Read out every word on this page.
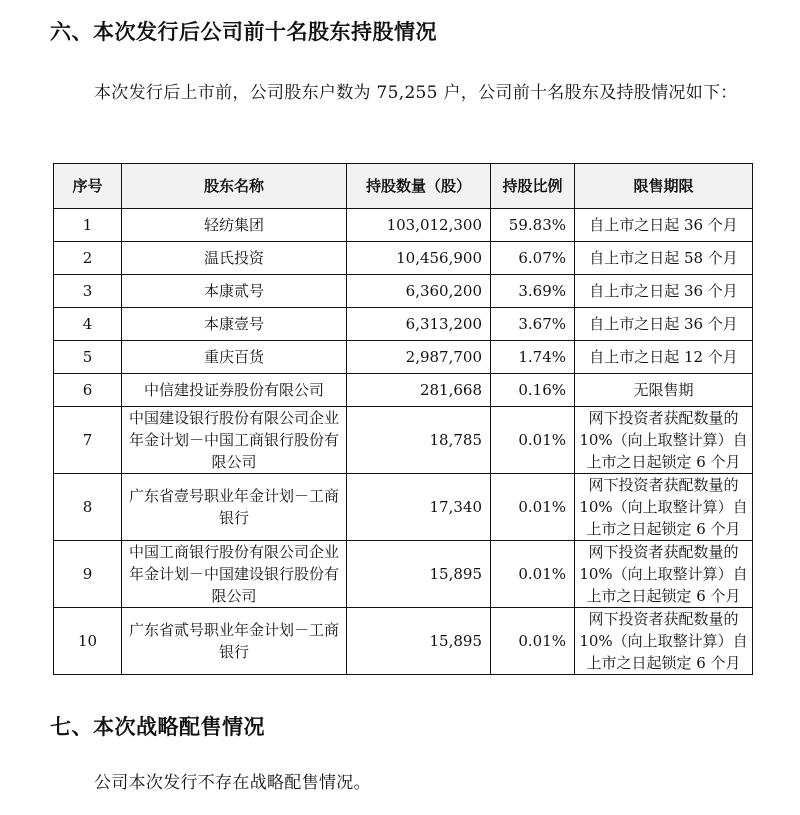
六、本次发行后公司前十名股东持股情况

本次发行后上市前，公司股东户数为 75,255 户，公司前十名股东及持股情况如下：

序号	股东名称	持股数量（股）	持股比例	限售期限
1	轻纺集团	103,012,300	59.83%	自上市之日起 36 个月
2	温氏投资	10,456,900	6.07%	自上市之日起 58 个月
3	本康贰号	6,360,200	3.69%	自上市之日起 36 个月
4	本康壹号	6,313,200	3.67%	自上市之日起 36 个月
5	重庆百货	2,987,700	1.74%	自上市之日起 12 个月
6	中信建投证券股份有限公司	281,668	0.16%	无限售期
7	中国建设银行股份有限公司企业年金计划－中国工商银行股份有限公司	18,785	0.01%	网下投资者获配数量的10%（向上取整计算）自上市之日起锁定 6 个月
8	广东省壹号职业年金计划－工商银行	17,340	0.01%	网下投资者获配数量的10%（向上取整计算）自上市之日起锁定 6 个月
9	中国工商银行股份有限公司企业年金计划－中国建设银行股份有限公司	15,895	0.01%	网下投资者获配数量的10%（向上取整计算）自上市之日起锁定 6 个月
10	广东省贰号职业年金计划－工商银行	15,895	0.01%	网下投资者获配数量的10%（向上取整计算）自上市之日起锁定 6 个月
七、本次战略配售情况

公司本次发行不存在战略配售情况。
